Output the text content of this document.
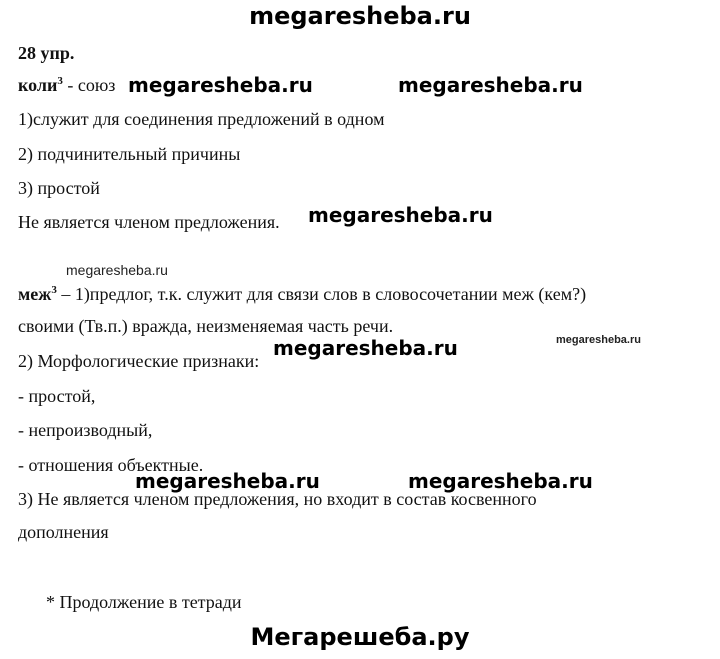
megaresheba.ru
28 упр.
коли$^3$ - союз megaresheba.ru	megaresheba.ru
1)служит для соединения предложений в одном
2) подчинительный причины
3) простой
Не является членом предложения. megaresheba.ru
megaresheba.ru
меж$^3$ – 1)предлог, т.к. служит для связи слов в словосочетании меж (кем?)
своими (Тв.п.) вражда, неизменяемая часть речи.
megaresheba.ru
2) Морфологические признаки:
megaresheba.ru
- простой,
- непроизводный,
- отношения объектные.
megaresheba.ru	megaresheba.ru
3) Не является членом предложения, но входит в состав косвенного
дополнения
* Продолжение в тетради
Мегарешеба.ру
